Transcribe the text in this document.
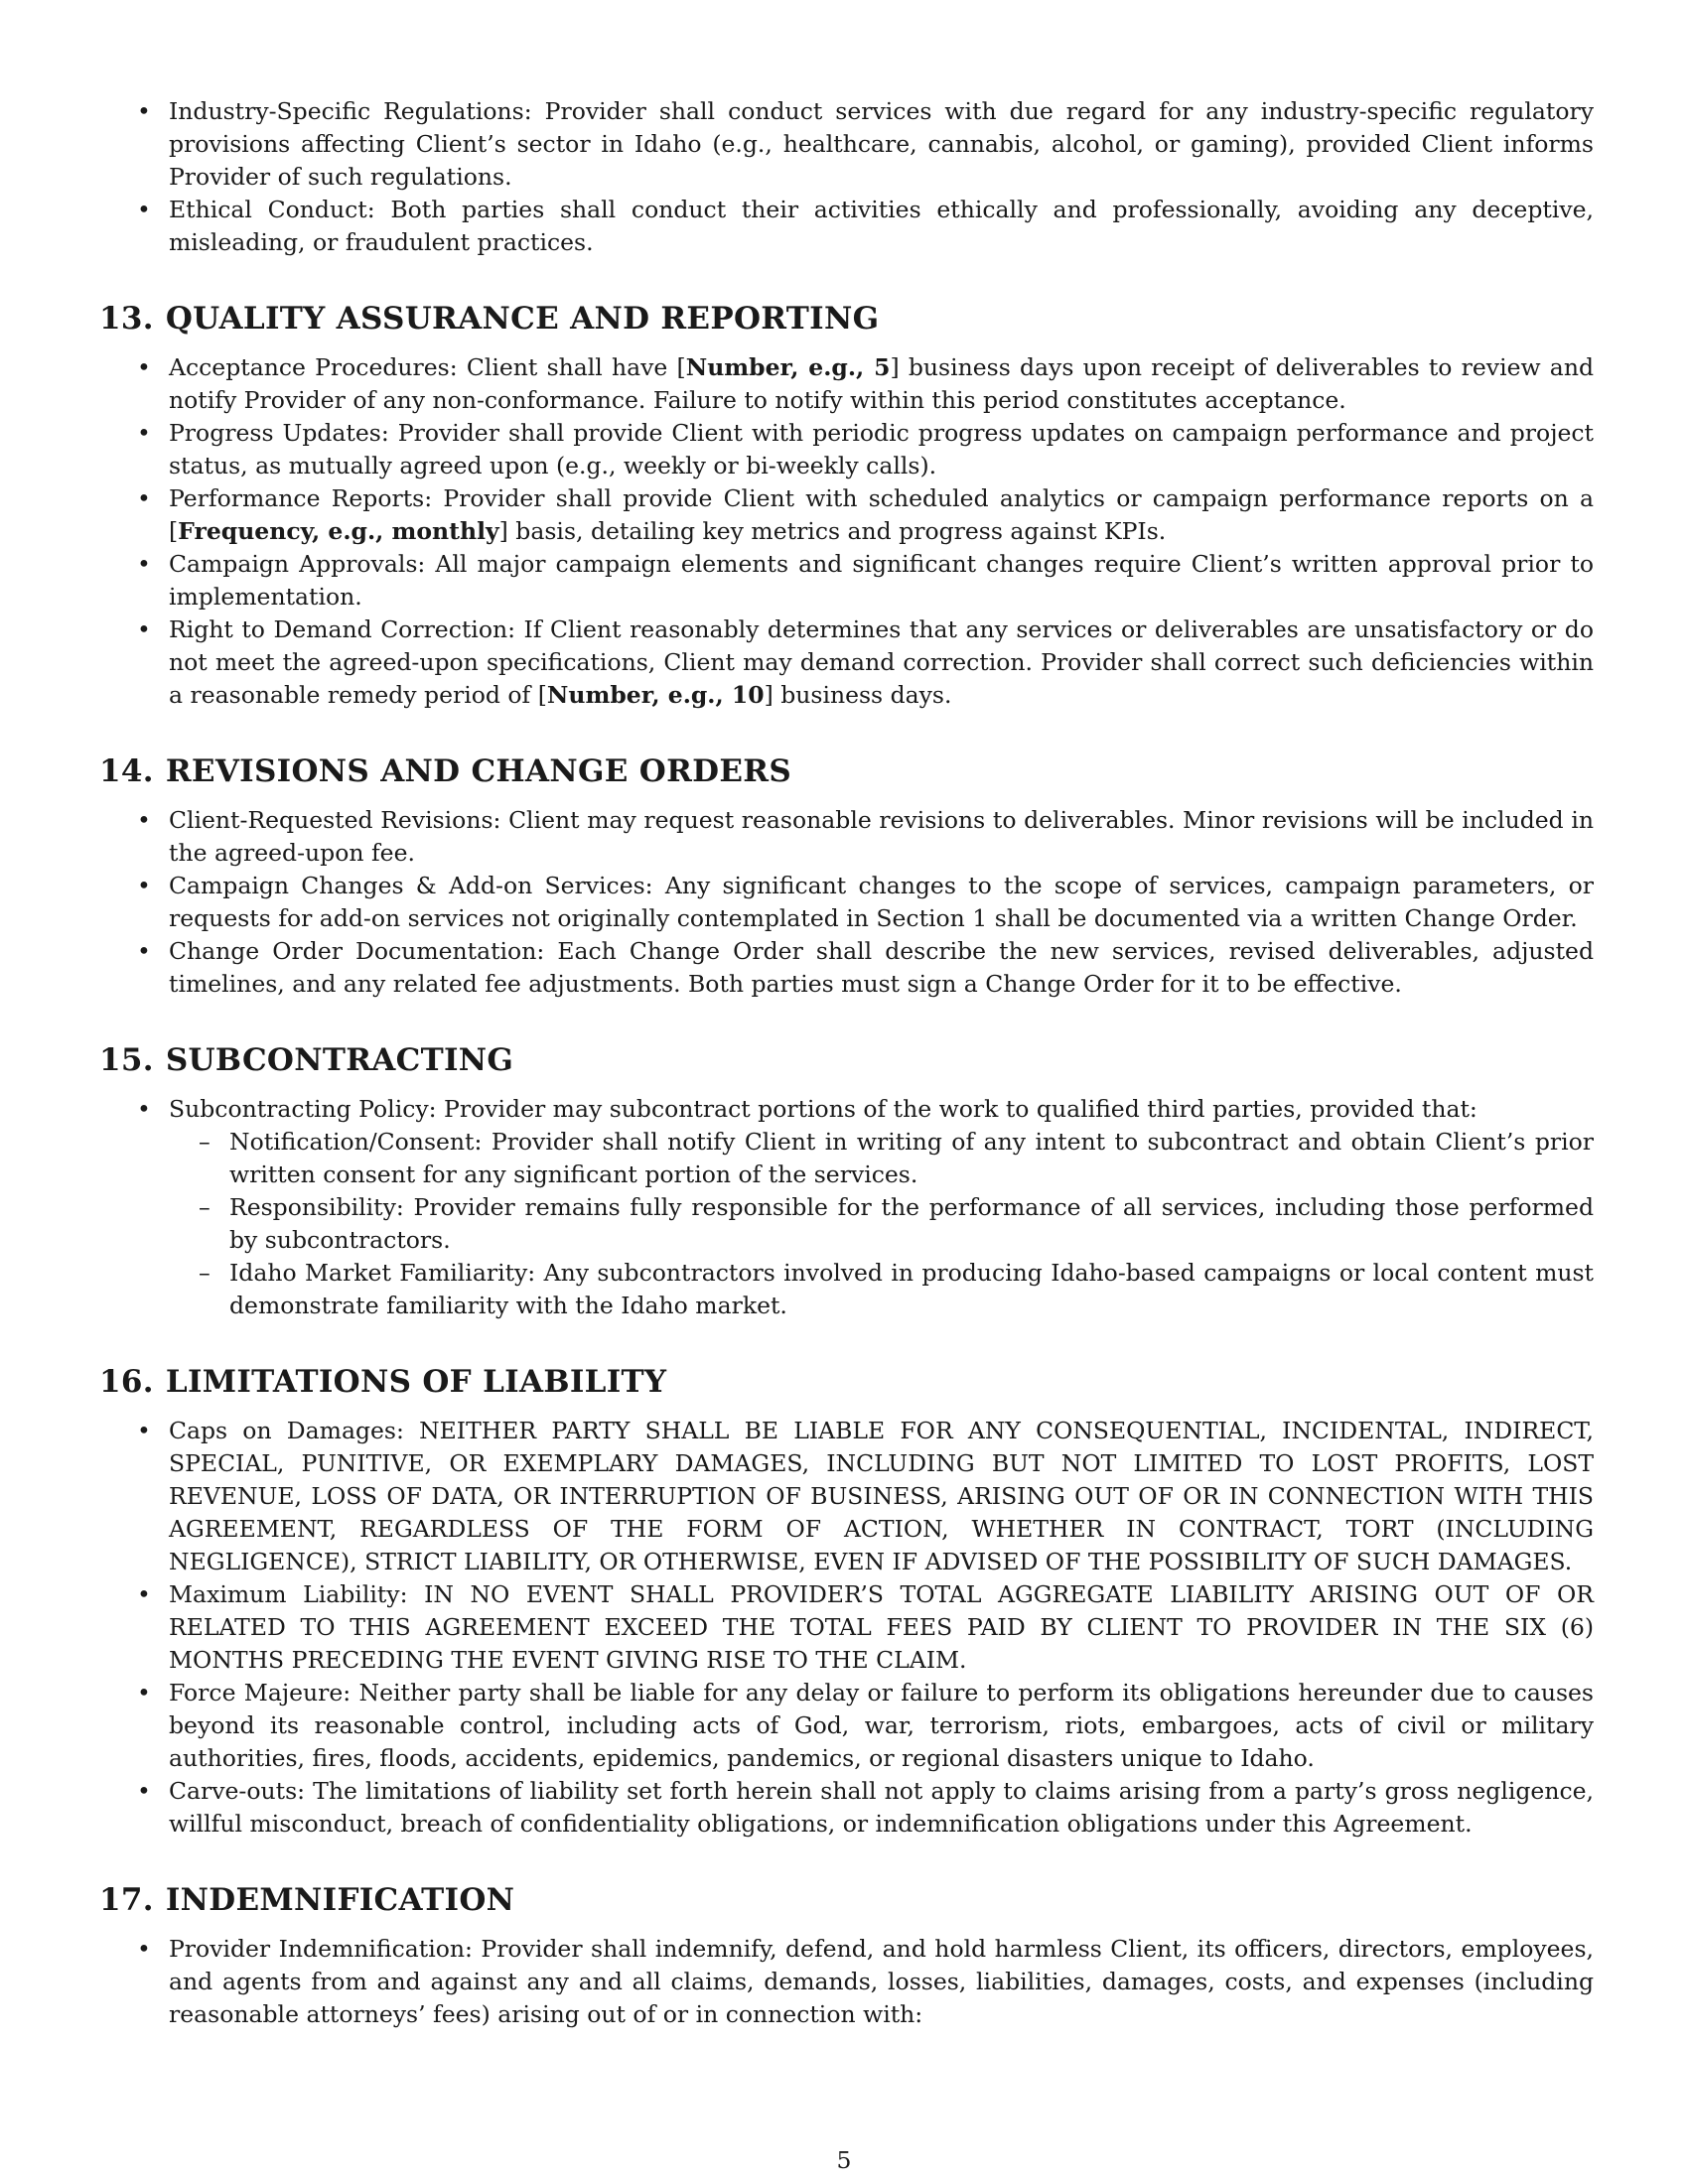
• Industry-Specific Regulations: Provider shall conduct services with due regard for any industry-specific regulatory provisions affecting Client’s sector in Idaho (e.g., healthcare, cannabis, alcohol, or gaming), provided Client informs Provider of such regulations.
• Ethical Conduct: Both parties shall conduct their activities ethically and professionally, avoiding any deceptive, misleading, or fraudulent practices.
13. QUALITY ASSURANCE AND REPORTING
• Acceptance Procedures: Client shall have [Number, e.g., 5] business days upon receipt of deliverables to review and notify Provider of any non-conformance. Failure to notify within this period constitutes acceptance.
• Progress Updates: Provider shall provide Client with periodic progress updates on campaign performance and project status, as mutually agreed upon (e.g., weekly or bi-weekly calls).
• Performance Reports: Provider shall provide Client with scheduled analytics or campaign performance reports on a [Frequency, e.g., monthly] basis, detailing key metrics and progress against KPIs.
• Campaign Approvals: All major campaign elements and significant changes require Client’s written approval prior to implementation.
• Right to Demand Correction: If Client reasonably determines that any services or deliverables are unsatisfactory or do not meet the agreed-upon specifications, Client may demand correction. Provider shall correct such deficiencies within a reasonable remedy period of [Number, e.g., 10] business days.
14. REVISIONS AND CHANGE ORDERS
• Client-Requested Revisions: Client may request reasonable revisions to deliverables. Minor revisions will be included in the agreed-upon fee.
• Campaign Changes & Add-on Services: Any significant changes to the scope of services, campaign parameters, or requests for add-on services not originally contemplated in Section 1 shall be documented via a written Change Order.
• Change Order Documentation: Each Change Order shall describe the new services, revised deliverables, adjusted timelines, and any related fee adjustments. Both parties must sign a Change Order for it to be effective.
15. SUBCONTRACTING
• Subcontracting Policy: Provider may subcontract portions of the work to qualified third parties, provided that:
– Notification/Consent: Provider shall notify Client in writing of any intent to subcontract and obtain Client’s prior written consent for any significant portion of the services.
– Responsibility: Provider remains fully responsible for the performance of all services, including those performed by subcontractors.
– Idaho Market Familiarity: Any subcontractors involved in producing Idaho-based campaigns or local content must demonstrate familiarity with the Idaho market.
16. LIMITATIONS OF LIABILITY
• Caps on Damages: NEITHER PARTY SHALL BE LIABLE FOR ANY CONSEQUENTIAL, INCIDENTAL, INDIRECT, SPECIAL, PUNITIVE, OR EXEMPLARY DAMAGES, INCLUDING BUT NOT LIMITED TO LOST PROFITS, LOST REVENUE, LOSS OF DATA, OR INTERRUPTION OF BUSINESS, ARISING OUT OF OR IN CONNECTION WITH THIS AGREEMENT, REGARDLESS OF THE FORM OF ACTION, WHETHER IN CONTRACT, TORT (INCLUDING NEGLIGENCE), STRICT LIABILITY, OR OTHERWISE, EVEN IF ADVISED OF THE POSSIBILITY OF SUCH DAMAGES.
• Maximum Liability: IN NO EVENT SHALL PROVIDER’S TOTAL AGGREGATE LIABILITY ARISING OUT OF OR RELATED TO THIS AGREEMENT EXCEED THE TOTAL FEES PAID BY CLIENT TO PROVIDER IN THE SIX (6) MONTHS PRECEDING THE EVENT GIVING RISE TO THE CLAIM.
• Force Majeure: Neither party shall be liable for any delay or failure to perform its obligations hereunder due to causes beyond its reasonable control, including acts of God, war, terrorism, riots, embargoes, acts of civil or military authorities, fires, floods, accidents, epidemics, pandemics, or regional disasters unique to Idaho.
• Carve-outs: The limitations of liability set forth herein shall not apply to claims arising from a party’s gross negligence, willful misconduct, breach of confidentiality obligations, or indemnification obligations under this Agreement.
17. INDEMNIFICATION
• Provider Indemnification: Provider shall indemnify, defend, and hold harmless Client, its officers, directors, employees, and agents from and against any and all claims, demands, losses, liabilities, damages, costs, and expenses (including reasonable attorneys’ fees) arising out of or in connection with:
5
